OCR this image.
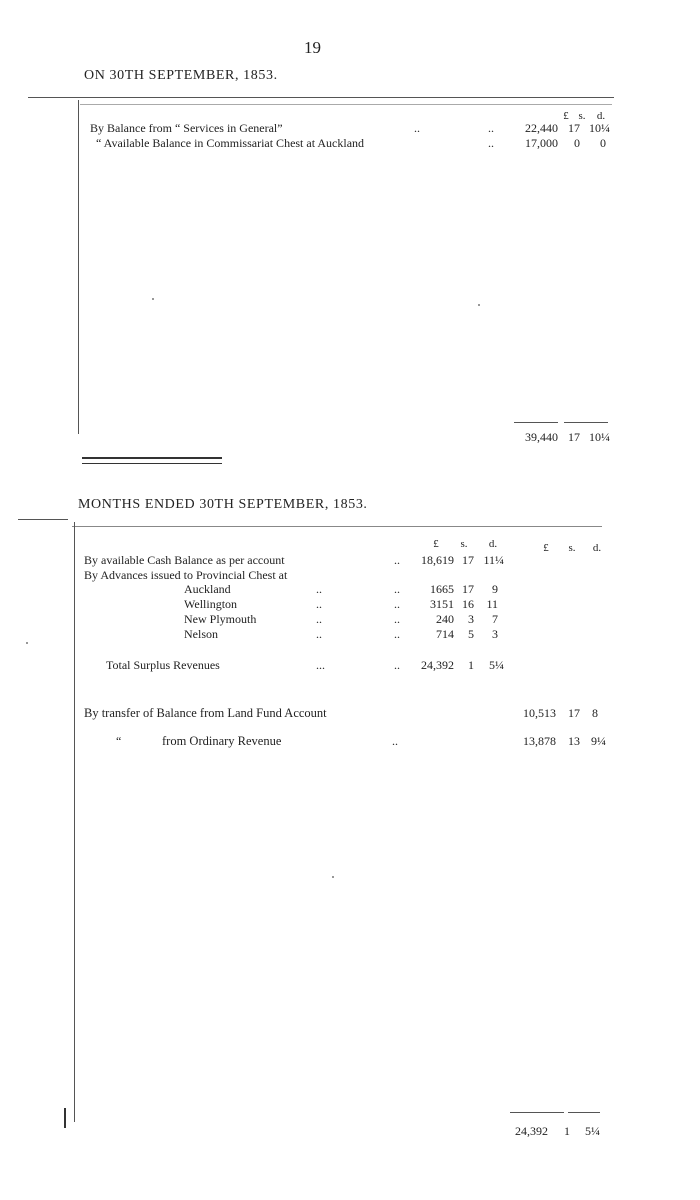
19
ON 30TH SEPTEMBER, 1853.
£ s.	d.
By Balance from “ Services in General”	..	..	22,440 17 10¼
“ Available Balance in Commissariat Chest at Auckland	..	17,000	0	0
39,440 17 10¼
MONTHS ENDED 30TH SEPTEMBER, 1853.
£	s.	d.	£	s.	d.
By available Cash Balance as per account	..	18,619 17 11¼
By Advances issued to Provincial Chest at
Auckland	..	..	1665 17	9
Wellington	..	..	3151 16	11
New Plymouth	..	..	240	3	7
Nelson	..	..	714	5	3
Total Surplus Revenues	...	..	24,392	1	5¼
By transfer of Balance from Land Fund Account	10,513	17	8
“	from Ordinary Revenue	..	13,878	13 9¼
24,392	1	5¼
